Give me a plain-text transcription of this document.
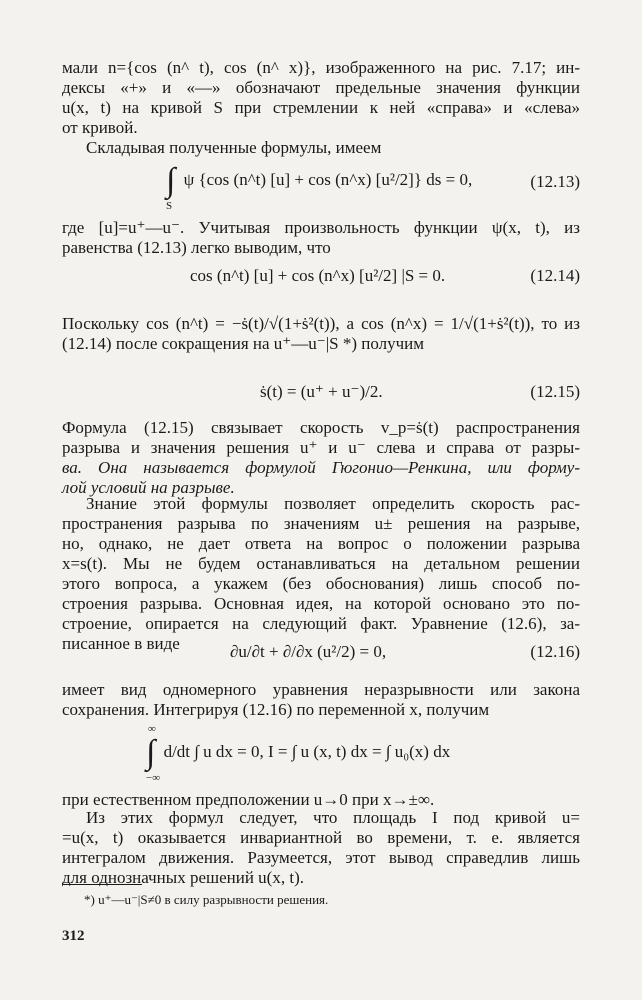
мали n={cos (n^ t), cos (n^ x)}, изображенного на рис. 7.17; ин-
дексы «+» и «—» обозначают предельные значения функции
u(x, t) на кривой S при стремлении к ней «справа» и «слева»
от кривой.
Складывая полученные формулы, имеем
∫
S
ψ {cos (n^t) [u] + cos (n^x) [u²/2]} ds = 0,	(12.13)
где [u]=u⁺—u⁻. Учитывая произвольность функции ψ(x, t), из
равенства (12.13) легко выводим, что
cos (n^t) [u] + cos (n^x) [u²/2] |S = 0.	(12.14)
Поскольку cos (n^t) = −ṡ(t)/√(1+ṡ²(t)), a cos (n^x) = 1/√(1+ṡ²(t)), то из
(12.14) после сокращения на u⁺—u⁻|S *) получим
ṡ(t) = (u⁺ + u⁻)/2.	(12.15)
Формула (12.15) связывает скорость v_p=ṡ(t) распространения
разрыва и значения решения u⁺ и u⁻ слева и справа от разры-
ва. Она называется формулой Гюгонио—Ренкина, или форму-
лой условий на разрыве.
Знание этой формулы позволяет определить скорость рас-
пространения разрыва по значениям u± решения на разрыве,
но, однако, не дает ответа на вопрос о положении разрыва
x=s(t). Мы не будем останавливаться на детальном решении
этого вопроса, а укажем (без обоснования) лишь способ по-
строения разрыва. Основная идея, на которой основано это по-
строение, опирается на следующий факт. Уравнение (12.6), за-
писанное в виде	∂u/∂t + ∂/∂x (u²/2) = 0,	(12.16)
имеет вид одномерного уравнения неразрывности или закона
сохранения. Интегрируя (12.16) по переменной x, получим
∫
∞
−∞
d/dt ∫ u dx = 0, I = ∫ u (x, t) dx = ∫ u₀(x) dx
при естественном предположении u→0 при x→±∞.
Из этих формул следует, что площадь I под кривой u=
=u(x, t) оказывается инвариантной во времени, т. е. является
интегралом движения. Разумеется, этот вывод справедлив лишь
для однозначных решений u(x, t).
*) u⁺—u⁻|S≠0 в силу разрывности решения.
312
